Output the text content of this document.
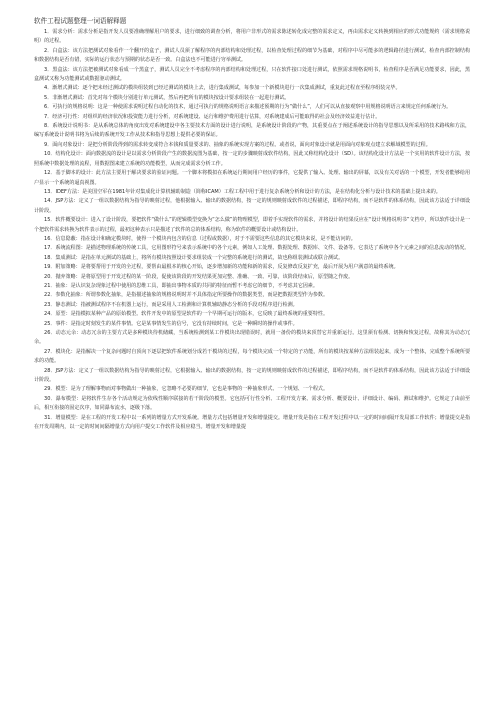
软件工程试题整理一词语解释题

1．需求分析：需求分析是指开发人员要准确理解用户的要求，进行细致的调查分析，将用户非形式的需求陈述转化成完整的需求定义，再由需求定义转换到相应的形式功能规约（需求规格说明）的过程。

2．白盒法：该方法把测试对象看作一个翻开的盒子，测试人员须了解程序的内部结构和处理过程，以检查处理过程的细节为基础，对程序中尽可能多的逻辑路径进行测试，检查内部控制结构和数据结构是否有错，实际的运行状态与预期的状态是否一致。白盒法也不可能进行穷举测试。

3．黑盒法：该方法把被测试对象看成一个黑盒子，测试人员完全不考虑程序的内部结构和处理过程，只在软件接口处进行测试，依照需求规格说明书，检查程序是否满足功能要求，因此，黑盒测试又称为功能测试或数据驱动测试。

4．渐增式测试：逐个把未经过测试的模块组装到已经过测试的模块上去，进行集成测试，每参加一个新模块进行一次集成测试，重复此过程直至程序组装完毕。

5．非渐增式测试：首先对每个模块分别进行单元测试，然后再把所有的模块按设计要求组装在一起进行测试。

6．可执行的规格说明：这是一种使需求说明过程自动化的技术，通过可执行的规格说明语言来描述预期的行为“做什么”，人们可以从直接观察中用规格说明语言来规定任何系统行为。

7．经济可行性：对组织的经济状况和投资能力进行分析，对系统建设、运行和维护费用进行估算，对系统建成后可能取得的社会及经济效益进行估计。

8．系统设计说明书：是从系统总体的角度出发对系统建设中各主要技术方面的设计进行说明，是系统设计阶段的产物，其重要点在于阐述系统设计的指导思想以及所采用的技术路线和方法，编写系统设计说明书将为后续的系统开发工作从技术和指导思想上提供必要的保证。

9．面向对象设计：是把分析阶段得到的需求转变成符合本钱和质量要求的、抽象的系统实现方案的过程。或者说，面向对象设计就是用面向对象观点建立求解域模型的过程。

10．结构化设计：面向数据流的设计是以需求分析阶段产生的数据流图为基础，按一定的步骤映射成软件结构，因此又称结构化设计（SD）。该结构化设计方法是一个实用的软件设计方法，按照系统中数据处理的流程，用数据图来建立系统的功能模型，从而完成需求分析工作。

12．基于脚本的设计：此方法主要用于解决要求的验证问题。一个脚本将模拟在系统运行期间用户经历的事件，它提供了输入、处理、输出的屏幕，以及有关对话的一个模型，开发者能够给用户显示一个系统的逼真视图。

13．IDEF方法：是美国空军在1981年针对集成化计算机辅助制造（简称ICAM）工程工程中用于进行复杂系统分析和设计的方法，是在结构化分析与设计技术的基础上提出来的。

14．JSP方法：定义了一组以数据结构为指导的映射过程，他根据输入、输出的数据结构，按一定的规则映射成软件的过程描述，即程序结构，而不是软件的体系结构，因此该方法适于详细设计阶段。

15．软件概要设计：进入了设计阶段，要把软件“做什么”的逻辑模型变换为“怎么做”的物理模型，即着手实现软件的需求，并将设计的结果反应在“设计规格说明书”文档中，所以软件设计是一个把软件需求转换为软件表示的过程，最初这种表示只是描述了软件的总的体系结构，称为软件的概要设计或结构设计。

16．信息隐蔽：指在设计和确定模块时，使得一个模块内包含的信息（过程或数据），对于不需要这些信息的其它模块来说，是不能访问的。

17．系统流程图：是描述物理系统的传统工具，它用图形符号来表示系统中的各个元素，例如人工处理、数据处理、数据库、文件、设备等。它表达了系统中各个元素之间的信息流动的情况。

18．集成测试：是指在单元测试的基础上，将所有模块按照设计要求组装成一个完整的系统进行的测试，故也称组装测试或联合测试。

19．附加策略：是将要帮用于开发的全过程，要帮由最根本的核心开始，逐步增加新的功能和新的需求，反复修改反复扩充，最后开展为用户满意的最终系统。

20．抛弃策略：是将原型用于开发过程的某一阶段，促使该阶段的开发结果更加完整、准确、一致、可靠，该阶段结束后，原型随之作废。

21．抽象：是认识复杂现象过程中使用的思维工具，即抽出事物本质的共同的特征而暂不考虑它的细节，不考虑其它因素。

22．参数化抽象：所谓参数化抽象，是指描述抽象的规格说明时并不具体指定所要操作的数据类型，而是把数据类型作为参数。

23．静态测试：指被测试程序不在机器上运行，而是采用人工检测和计算机辅助静态分析的手段对程序进行检测。

24．原型：是指模拟某种产品的原始模型。软件开发中的原型是软件的一个早期可运行的版本，它反映了最终系统的重要特性。

25．事件：是指定时刻发生的某件事情。它是某事情发生的信号，它没有持续时间，它是一种瞬时的操作或事件。

26．动态元余：动态冗余的主要方式是多种模块待机储藏，当系统检测到某工作模块出现错误时，就用一备份的模块来顶替它并重新运行。这里须有检测、切换和恢复过程，故称其为动态冗余。

27．模块化：是指解决一个复杂问题时自顶向下逐层把软件系统划分成若干模块的过程，每个模块完成一个特定的子功能，所有的模块按某种方法组装起来，成为一个整体，完成整个系统所要求的功能。

28．JSP方法：定义了一组以数据结构为指导的映射过程，它根据输入、输出的数据结构，按一定的规则映射成软件的过程描述，即程序结构，而不是软件的体系结构，因此该方法适于详细设计阶段。

29．模型：是为了理解事物而对事物做出一种抽象，它忽略不必要的细节，它也是事物的一种抽象形式、一个规划、一个程式。

30．瀑布模型：是将软件生存各个活动规定为依线性顺序联接的若干阶段的模型。它包括可行性分析、工程开发方案、需求分析、概要设计、详细设计、编码、测试和维护。它规定了由前至后，相互衔接的固定次序，如同瀑布流水，逐级下落。

31．增量模型：是在工程的开发工程中以一系列的增量方式开发系统。增量方式包括增量开发和增量提交。增量开发是指在工程开发过程中以一定的时间间隔开发局部工作软件；增量提交是指在开发周期内，以一定的时间间隔增量方式向用户提交工作软件及相应稳当。增量开发和增量提
